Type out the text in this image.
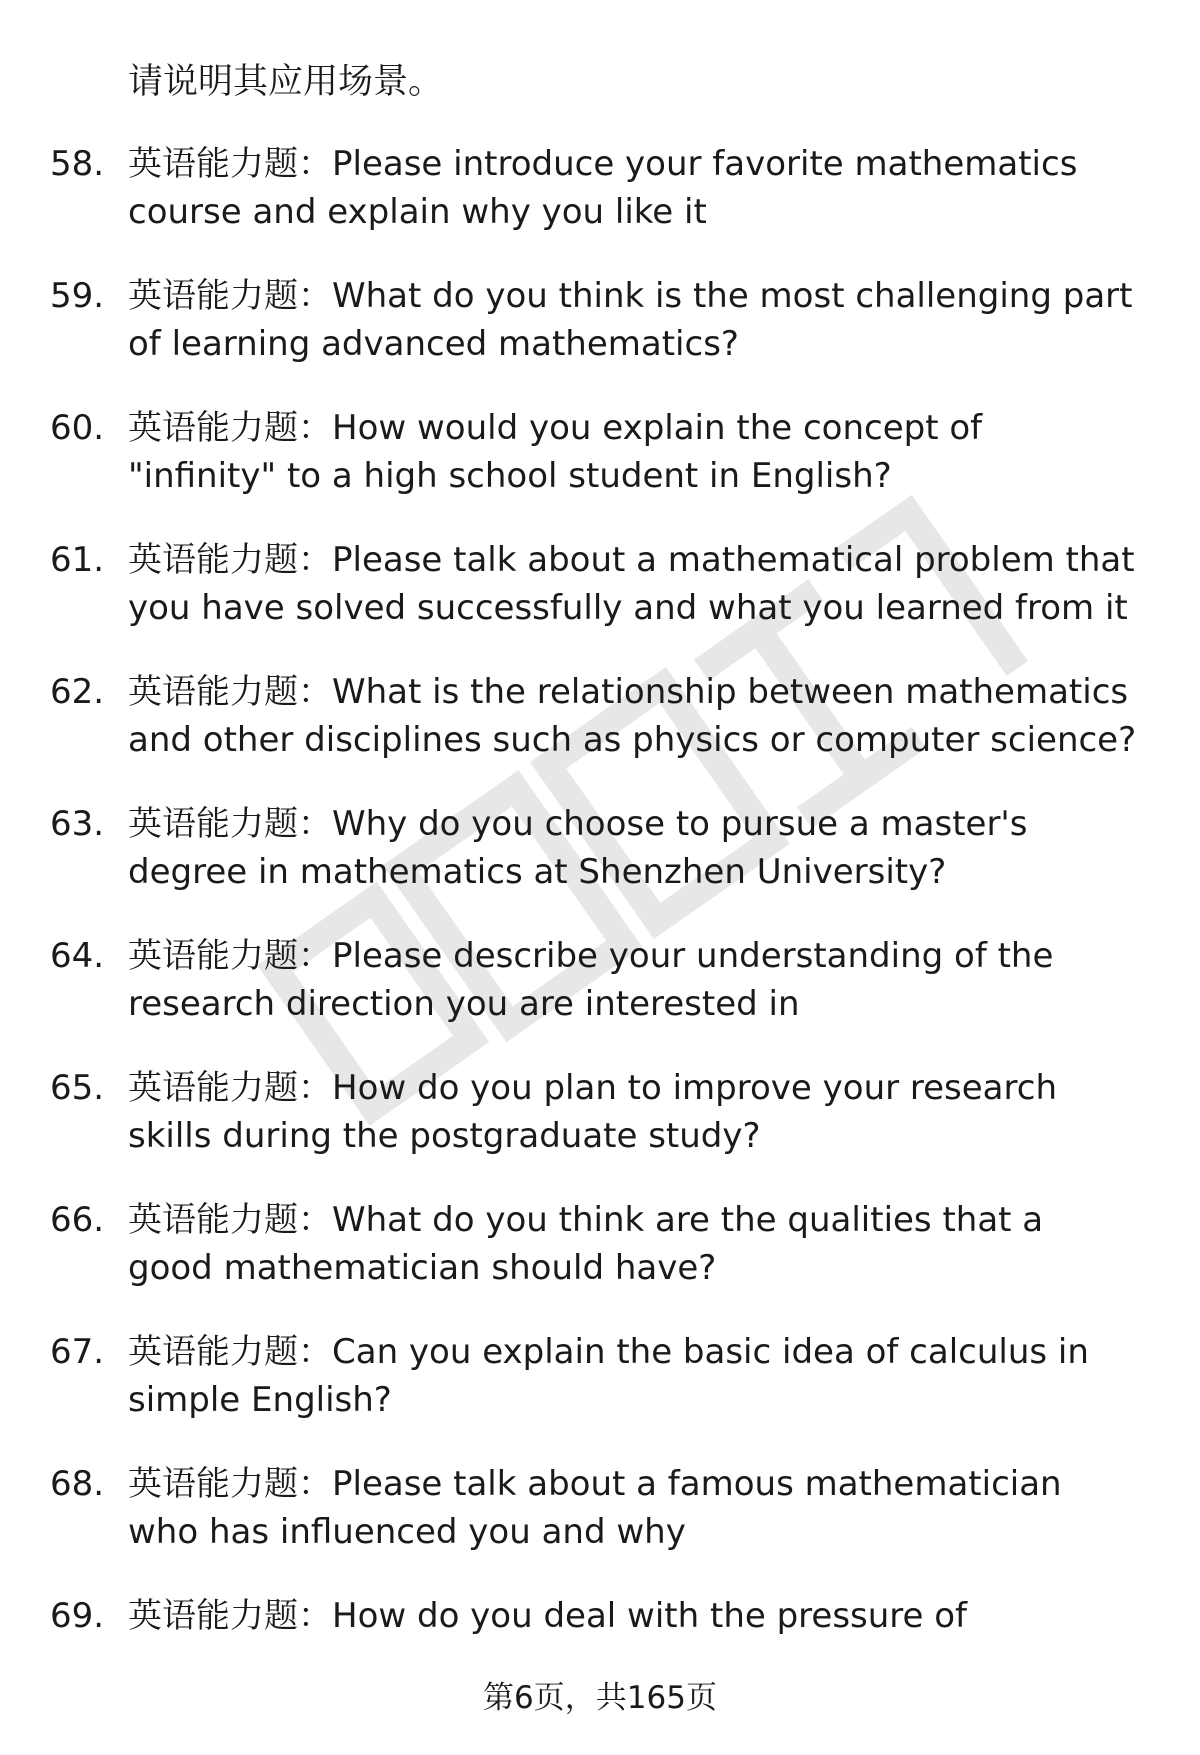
请说明其应用场景。
58. 英语能力题：Please introduce your favorite mathematics
course and explain why you like it
59. 英语能力题：What do you think is the most challenging part
of learning advanced mathematics?
60. 英语能力题：How would you explain the concept of
"infinity" to a high school student in English?
61. 英语能力题：Please talk about a mathematical problem that
you have solved successfully and what you learned from it
62. 英语能力题：What is the relationship between mathematics
and other disciplines such as physics or computer science?
63. 英语能力题：Why do you choose to pursue a master's
degree in mathematics at Shenzhen University?
64. 英语能力题：Please describe your understanding of the
research direction you are interested in
65. 英语能力题：How do you plan to improve your research
skills during the postgraduate study?
66. 英语能力题：What do you think are the qualities that a
good mathematician should have?
67. 英语能力题：Can you explain the basic idea of calculus in
simple English?
68. 英语能力题：Please talk about a famous mathematician
who has influenced you and why
69. 英语能力题：How do you deal with the pressure of
第6页，共165页
